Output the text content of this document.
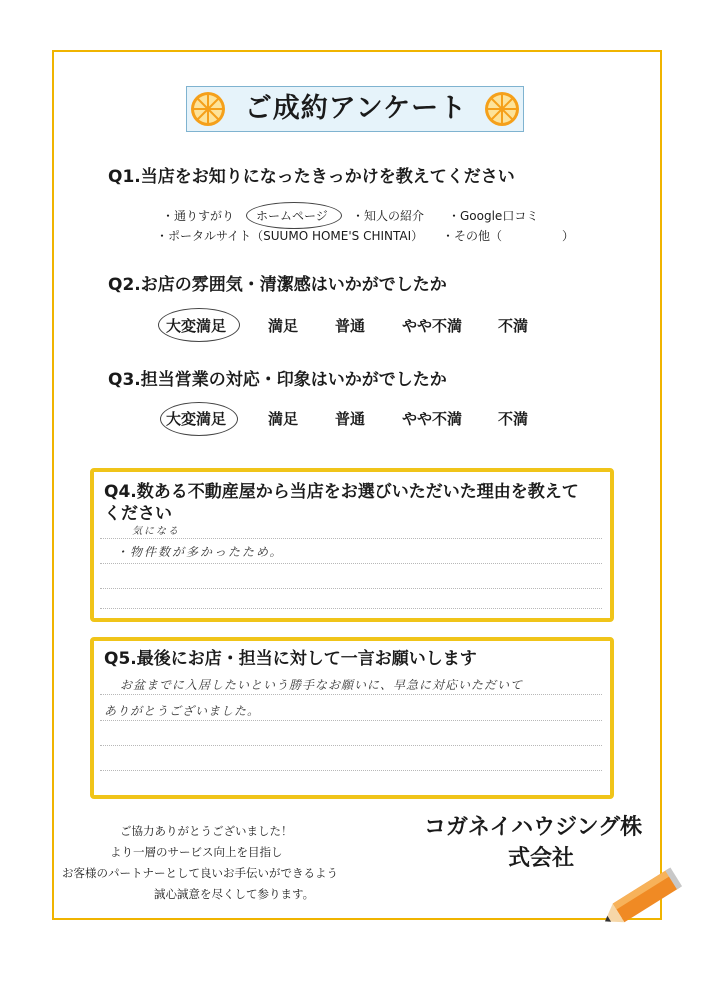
ご成約アンケート
Q1.当店をお知りになったきっかけを教えてください
・通りすがり ホームページ ・知人の紹介 ・Google口コミ
・ポータルサイト（SUUMO HOME'S CHINTAI） ・その他（　　　　　）
Q2.お店の雰囲気・清潔感はいかがでしたか
大変満足	満足 普通 やや不満 不満
Q3.担当営業の対応・印象はいかがでしたか
大変満足	満足 普通 やや不満 不満
Q4.数ある不動産屋から当店をお選びいただいた理由を教えて
ください
気になる
・物件数が多かったため。
Q5.最後にお店・担当に対して一言お願いします
お盆までに入居したいという勝手なお願いに、早急に対応いただいて
ありがとうございました。
ご協力ありがとうございました！
より一層のサービス向上を目指し
お客様のパートナーとして良いお手伝いができるよう
誠心誠意を尽くして参ります。
コガネイハウジング株
式会社
